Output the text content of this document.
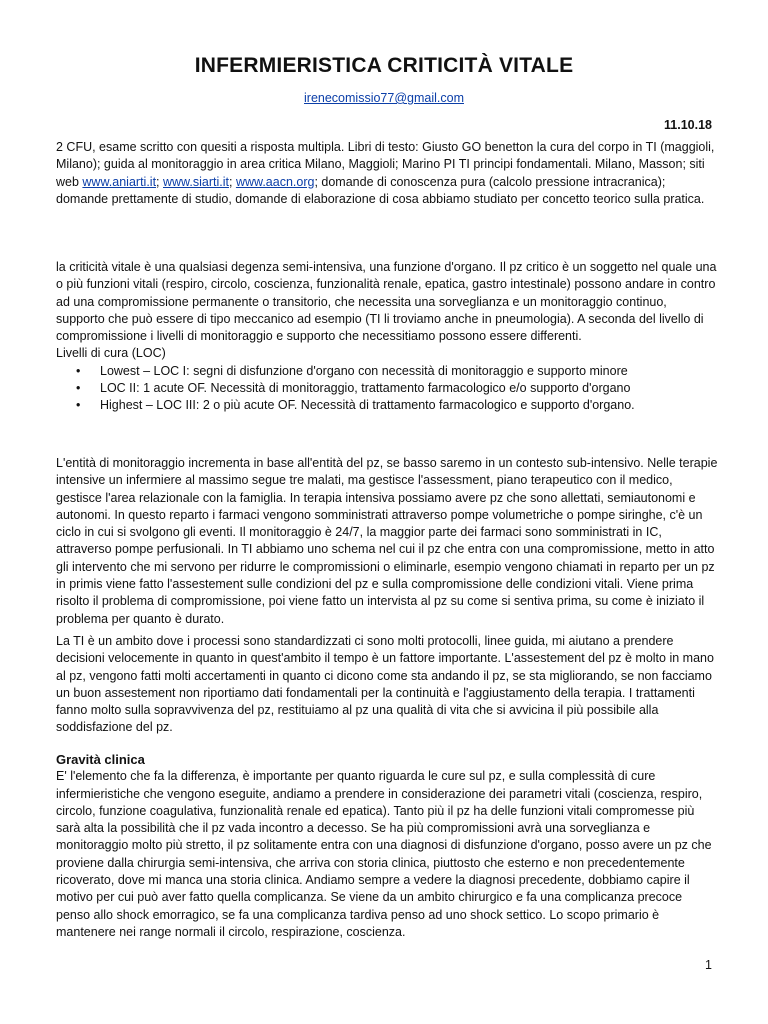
INFERMIERISTICA CRITICITÀ VITALE
irenecomissio77@gmail.com
11.10.18

2 CFU, esame scritto con quesiti a risposta multipla. Libri di testo: Giusto GO benetton la cura del corpo in TI (maggioli, Milano); guida al monitoraggio in area critica Milano, Maggioli; Marino PI TI principi fondamentali. Milano, Masson; siti web www.aniarti.it; www.siarti.it; www.aacn.org; domande di conoscenza pura (calcolo pressione intracranica); domande prettamente di studio, domande di elaborazione di cosa abbiamo studiato per concetto teorico sulla pratica.

la criticità vitale è una qualsiasi degenza semi-intensiva, una funzione d'organo. Il pz critico è un soggetto nel quale una o più funzioni vitali (respiro, circolo, coscienza, funzionalità renale, epatica, gastro intestinale) possono andare in contro ad una compromissione permanente o transitorio, che necessita una sorveglianza e un monitoraggio continuo, supporto che può essere di tipo meccanico ad esempio (TI li troviamo anche in pneumologia). A seconda del livello di compromissione i livelli di monitoraggio e supporto che necessitiamo possono essere differenti.

Livelli di cura (LOC)

• Lowest – LOC I: segni di disfunzione d'organo con necessità di monitoraggio e supporto minore
• LOC II: 1 acute OF. Necessità di monitoraggio, trattamento farmacologico e/o supporto d'organo
• Highest – LOC III: 2 o più acute OF. Necessità di trattamento farmacologico e supporto d'organo.
L'entità di monitoraggio incrementa in base all'entità del pz, se basso saremo in un contesto sub-intensivo. Nelle terapie intensive un infermiere al massimo segue tre malati, ma gestisce l'assessment, piano terapeutico con il medico, gestisce l'area relazionale con la famiglia. In terapia intensiva possiamo avere pz che sono allettati, semiautonomi e autonomi. In questo reparto i farmaci vengono somministrati attraverso pompe volumetriche o pompe siringhe, c'è un ciclo in cui si svolgono gli eventi. Il monitoraggio è 24/7, la maggior parte dei farmaci sono somministrati in IC, attraverso pompe perfusionali. In TI abbiamo uno schema nel cui il pz che entra con una compromissione, metto in atto gli intervento che mi servono per ridurre le compromissioni o eliminarle, esempio vengono chiamati in reparto per un pz in primis viene fatto l'assestement sulle condizioni del pz e sulla compromissione delle condizioni vitali. Viene prima risolto il problema di compromissione, poi viene fatto un intervista al pz su come si sentiva prima, su come è iniziato il problema per quanto è durato.
La TI è un ambito dove i processi sono standardizzati ci sono molti protocolli, linee guida, mi aiutano a prendere decisioni velocemente in quanto in quest'ambito il tempo è un fattore importante. L'assestement del pz è molto in mano al pz, vengono fatti molti accertamenti in quanto ci dicono come sta andando il pz, se sta migliorando, se non facciamo un buon assestement non riportiamo dati fondamentali per la continuità e l'aggiustamento della terapia. I trattamenti fanno molto sulla sopravvivenza del pz, restituiamo al pz una qualità di vita che si avvicina il più possibile alla soddisfazione del pz.

Gravità clinica

E' l'elemento che fa la differenza, è importante per quanto riguarda le cure sul pz, e sulla complessità di cure infermieristiche che vengono eseguite, andiamo a prendere in considerazione dei parametri vitali (coscienza, respiro, circolo, funzione coagulativa, funzionalità renale ed epatica). Tanto più il pz ha delle funzioni vitali compromesse più sarà alta la possibilità che il pz vada incontro a decesso. Se ha più compromissioni avrà una sorveglianza e monitoraggio molto più stretto, il pz solitamente entra con una diagnosi di disfunzione d'organo, posso avere un pz che proviene dalla chirurgia semi-intensiva, che arriva con storia clinica, piuttosto che esterno e non precedentemente ricoverato, dove mi manca una storia clinica. Andiamo sempre a vedere la diagnosi precedente, dobbiamo capire il motivo per cui può aver fatto quella complicanza. Se viene da un ambito chirurgico e fa una complicanza precoce penso allo shock emorragico, se fa una complicanza tardiva penso ad uno shock settico. Lo scopo primario è mantenere nei range normali il circolo, respirazione, coscienza.

1
